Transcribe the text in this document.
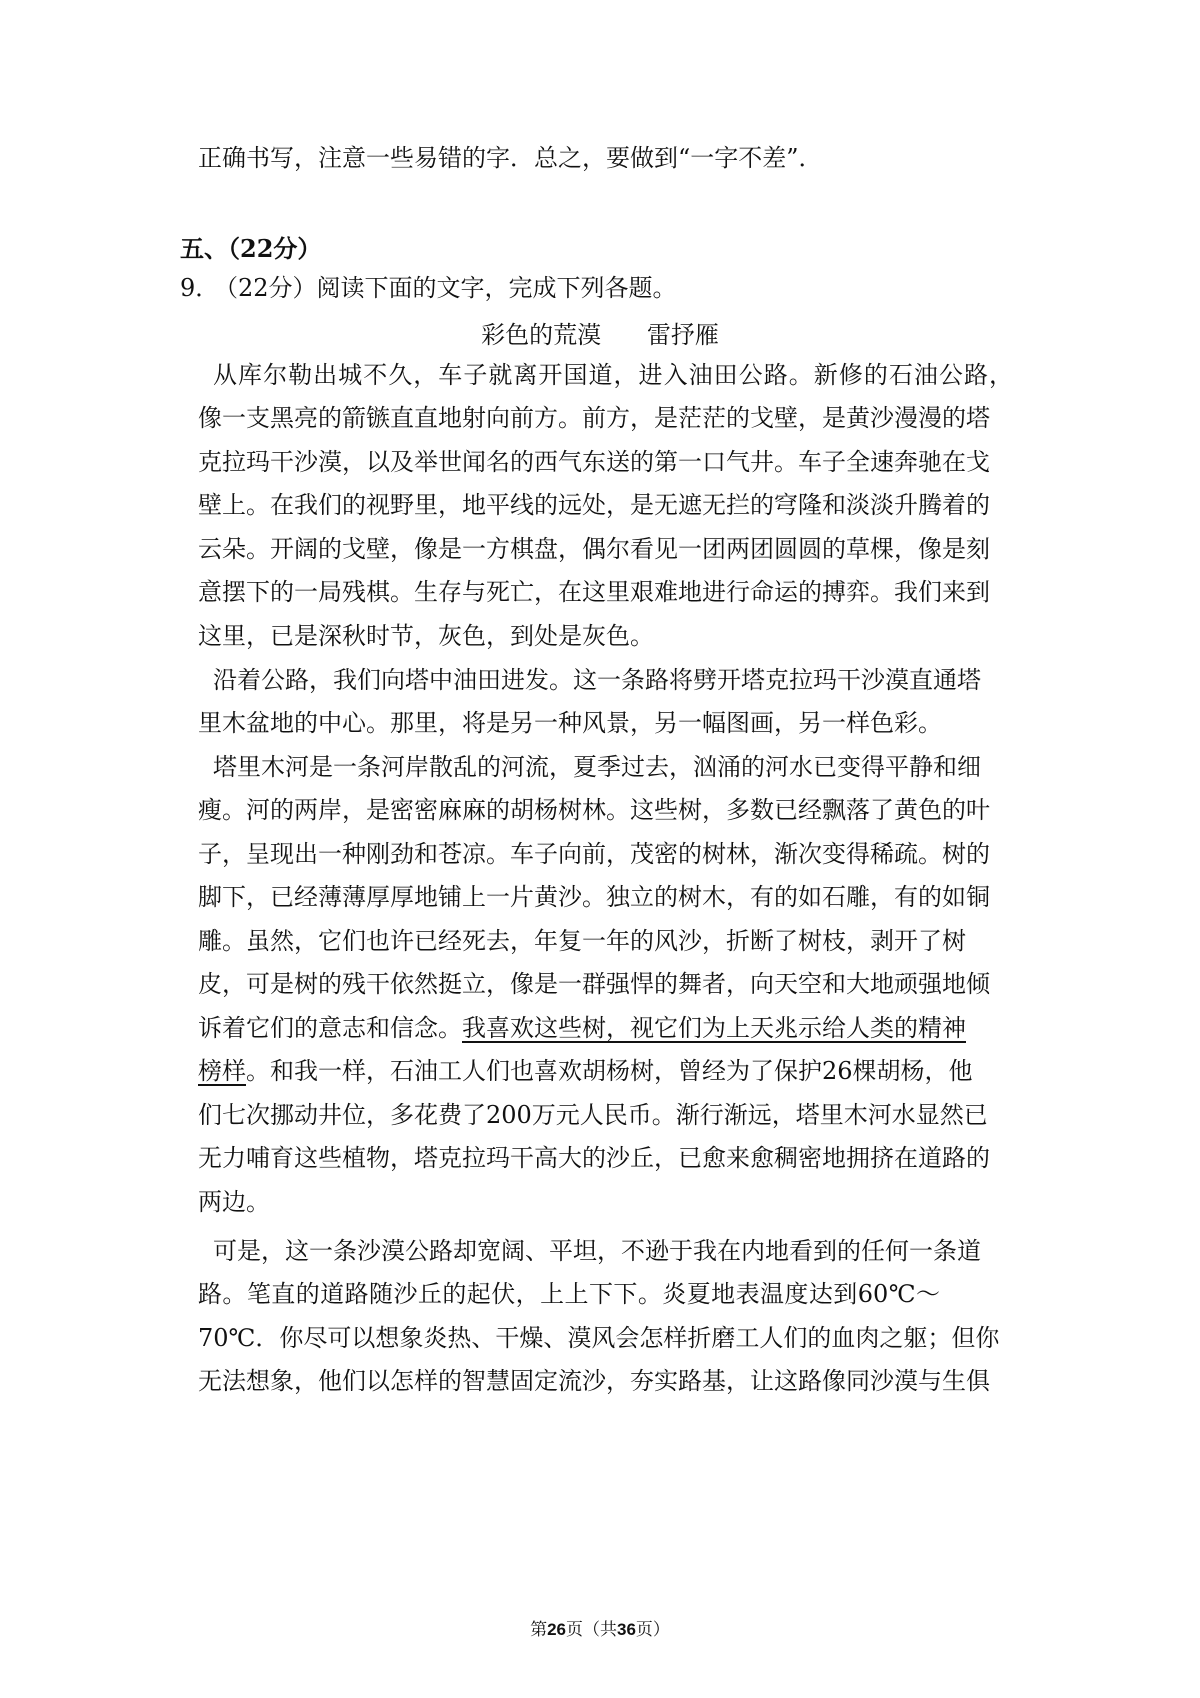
正确书写，注意一些易错的字．总之，要做到“一字不差”．
五、（22分）
9．（22分）阅读下面的文字，完成下列各题。
彩色的荒漠      雷抒雁
从库尔勒出城不久，车子就离开国道，进入油田公路。新修的石油公路，
像一支黑亮的箭镞直直地射向前方。前方，是茫茫的戈壁，是黄沙漫漫的塔
克拉玛干沙漠，以及举世闻名的西气东送的第一口气井。车子全速奔驰在戈
壁上。在我们的视野里，地平线的远处，是无遮无拦的穹隆和淡淡升腾着的
云朵。开阔的戈壁，像是一方棋盘，偶尔看见一团两团圆圆的草棵，像是刻
意摆下的一局残棋。生存与死亡，在这里艰难地进行命运的搏弈。我们来到
这里，已是深秋时节，灰色，到处是灰色。
沿着公路，我们向塔中油田进发。这一条路将劈开塔克拉玛干沙漠直通塔
里木盆地的中心。那里，将是另一种风景，另一幅图画，另一样色彩。
塔里木河是一条河岸散乱的河流，夏季过去，汹涌的河水已变得平静和细
瘦。河的两岸，是密密麻麻的胡杨树林。这些树，多数已经飘落了黄色的叶
子，呈现出一种刚劲和苍凉。车子向前，茂密的树林，渐次变得稀疏。树的
脚下，已经薄薄厚厚地铺上一片黄沙。独立的树木，有的如石雕，有的如铜
雕。虽然，它们也许已经死去，年复一年的风沙，折断了树枝，剥开了树
皮，可是树的残干依然挺立，像是一群强悍的舞者，向天空和大地顽强地倾
诉着它们的意志和信念。 我喜欢这些树，视它们为上天兆示给人类的精神
榜样 。和我一样，石油工人们也喜欢胡杨树，曾经为了保护26棵胡杨，他
们七次挪动井位，多花费了200万元人民币。渐行渐远，塔里木河水显然已
无力哺育这些植物，塔克拉玛干高大的沙丘，已愈来愈稠密地拥挤在道路的
两边。
可是，这一条沙漠公路却宽阔、平坦，不逊于我在内地看到的任何一条道
路。笔直的道路随沙丘的起伏，上上下下。炎夏地表温度达到60℃～
70℃．你尽可以想象炎热、干燥、漠风会怎样折磨工人们的血肉之躯；但你
无法想象，他们以怎样的智慧固定流沙，夯实路基，让这路像同沙漠与生俱
第26页（共36页）
